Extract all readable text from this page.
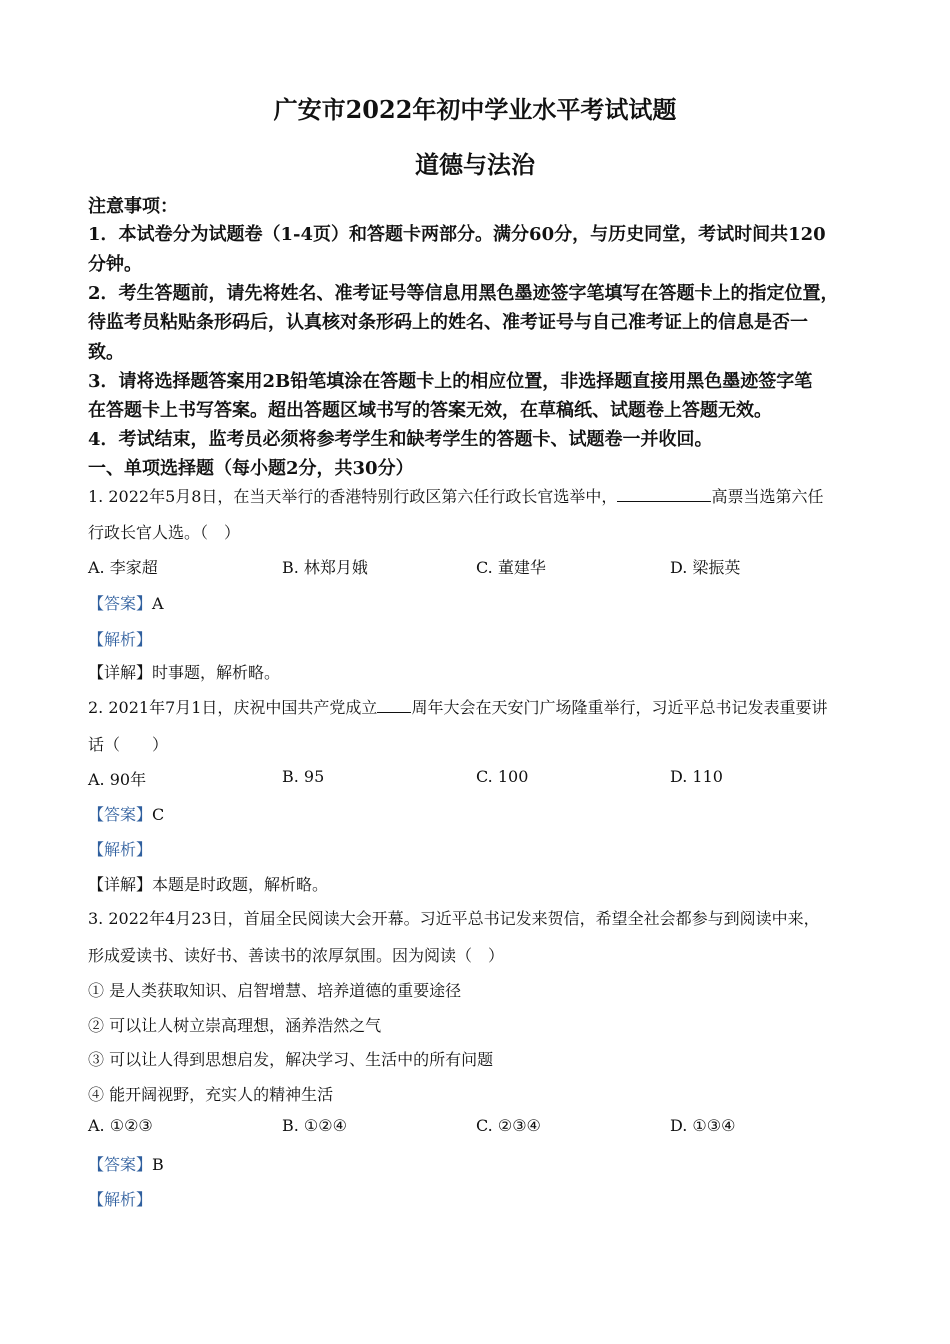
广安市2022年初中学业水平考试试题
道德与法治
注意事项：
1．本试卷分为试题卷（1-4页）和答题卡两部分。满分60分，与历史同堂，考试时间共120
分钟。
2．考生答题前，请先将姓名、准考证号等信息用黑色墨迹签字笔填写在答题卡上的指定位置，
待监考员粘贴条形码后，认真核对条形码上的姓名、准考证号与自己准考证上的信息是否一
致。
3．请将选择题答案用2B铅笔填涂在答题卡上的相应位置，非选择题直接用黑色墨迹签字笔
在答题卡上书写答案。超出答题区域书写的答案无效，在草稿纸、试题卷上答题无效。
4．考试结束，监考员必须将参考学生和缺考学生的答题卡、试题卷一并收回。
一、单项选择题（每小题2分，共30分）
1. 2022年5月8日，在当天举行的香港特别行政区第六任行政长官选举中，	高票当选第六任
行政长官人选。（　）
A. 李家超	B. 林郑月娥	C. 董建华	D. 梁振英
【答案】A
【解析】
【详解】时事题，解析略。
2. 2021年7月1日，庆祝中国共产党成立 周年大会在天安门广场隆重举行，习近平总书记发表重要讲
话（　　）
A. 90年	B. 95	C. 100	D. 110
【答案】C
【解析】
【详解】本题是时政题，解析略。
3. 2022年4月23日，首届全民阅读大会开幕。习近平总书记发来贺信，希望全社会都参与到阅读中来，
形成爱读书、读好书、善读书的浓厚氛围。因为阅读（　）
① 是人类获取知识、启智增慧、培养道德的重要途径
② 可以让人树立崇高理想，涵养浩然之气
③ 可以让人得到思想启发，解决学习、生活中的所有问题
④ 能开阔视野，充实人的精神生活
A. ①②③	B. ①②④	C. ②③④	D. ①③④
【答案】B
【解析】
